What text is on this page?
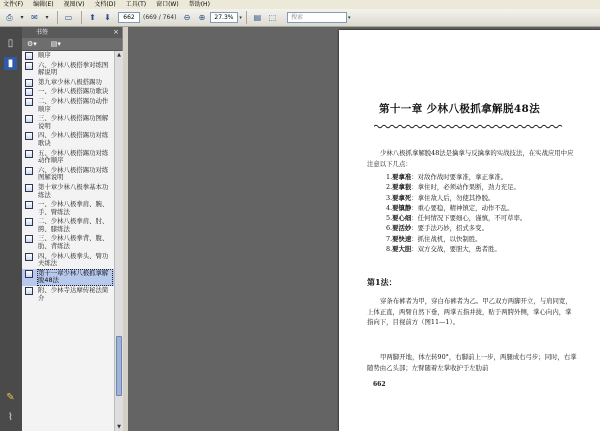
文件(F) 编辑(E) 视图(V) 文档(D) 工具(T) 窗口(W) 帮助(H)
⎙	▾ ✉	▾	▭	⬆	⬇	662	(669 / 764) ⊖	⊕	27.3%	▾	▤ ⬚	搜索	▾
▯
▮
✎
⌇
书签	×
⚙▾ ▤▾
顺序
六、少林八极搭拳对练图解说明
第九章少林八极搭踢功
一、少林八极搭踢功歌诀
二、少林八极搭踢功动作顺序
三、少林八极搭踢功图解说明
四、少林八极搭踢功对练歌诀
五、少林八极搭踢功对练动作顺序
六、少林八极搭踢功对练图解说明
第十章少林八极拳基本功练法
一、少林八极拳肩、腕、手、臂练法
二、少林八极拳肩、肘、胯、膝练法
三、少林八极拳背、腹、肋、背练法
四、少林八极拳头、臂功夫练法
第十一章少林八极抓拿解脱48法
附、少林寺达摩传秘法简介
▲
▼
第十一章 少林八极抓拿解脱48法
少林八极抓拿解脱48法是擒拿与反擒拿的实战技法，在实战应用中应注意以下几点：
1.要拿准：对敌作战时要拿准，拿正拿准。
2.要拿狠：拿住时，必须动作果断，劲力充足。
3.要拿死：拿住敌人后，勿使其挣脱。
4.要镇静：重心要稳，精神镇定，动作不乱。
5.要心细：任何情况下要细心，谨慎，不可草率。
6.要活妙：要手法巧妙，招式多变。
7.要快速：抓住战机，以快制胜。
8.要大胆：双方交战，要胆大，勇者胜。
第1法：
穿条布裤者为甲，穿白布裤者为乙。甲乙双方两脚开立，与肩同宽，上体正直，两臂自然下垂，两掌五指并拢，贴于两胯外侧，掌心向内，掌指向下，目视前方（图11—1）。
甲两脚开地，体左转90°，右脚前上一步，两腿成右弓步；同时，右掌随势由乙头部；左臂随着左掌收护于左肋前
662
